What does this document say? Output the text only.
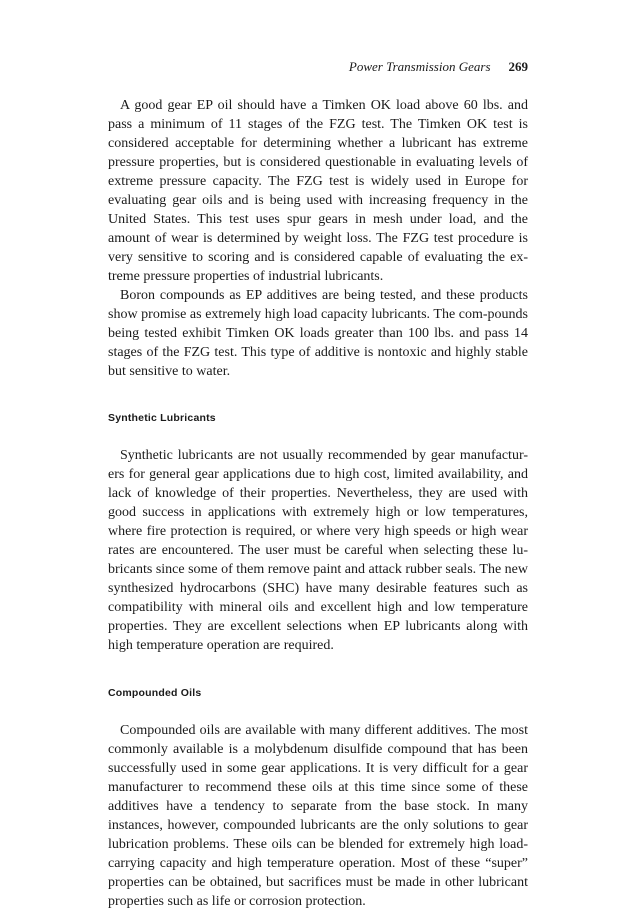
Power Transmission Gears 269

A good gear EP oil should have a Timken OK load above 60 lbs. and pass a minimum of 11 stages of the FZG test. The Timken OK test is considered acceptable for determining whether a lubricant has extreme pressure properties, but is considered questionable in evaluating levels of extreme pressure capacity. The FZG test is widely used in Europe for evaluating gear oils and is being used with increasing frequency in the United States. This test uses spur gears in mesh under load, and the amount of wear is determined by weight loss. The FZG test procedure is very sensitive to scoring and is considered capable of evaluating the ex-treme pressure properties of industrial lubricants.

Boron compounds as EP additives are being tested, and these products show promise as extremely high load capacity lubricants. The com-pounds being tested exhibit Timken OK loads greater than 100 lbs. and pass 14 stages of the FZG test. This type of additive is nontoxic and highly stable but sensitive to water.

Synthetic Lubricants

Synthetic lubricants are not usually recommended by gear manufactur-ers for general gear applications due to high cost, limited availability, and lack of knowledge of their properties. Nevertheless, they are used with good success in applications with extremely high or low temperatures, where fire protection is required, or where very high speeds or high wear rates are encountered. The user must be careful when selecting these lu-bricants since some of them remove paint and attack rubber seals. The new synthesized hydrocarbons (SHC) have many desirable features such as compatibility with mineral oils and excellent high and low temperature properties. They are excellent selections when EP lubricants along with high temperature operation are required.

Compounded Oils

Compounded oils are available with many different additives. The most commonly available is a molybdenum disulfide compound that has been successfully used in some gear applications. It is very difficult for a gear manufacturer to recommend these oils at this time since some of these additives have a tendency to separate from the base stock. In many instances, however, compounded lubricants are the only solutions to gear lubrication problems. These oils can be blended for extremely high load-carrying capacity and high temperature operation. Most of these “super” properties can be obtained, but sacrifices must be made in other lubricant properties such as life or corrosion protection.
